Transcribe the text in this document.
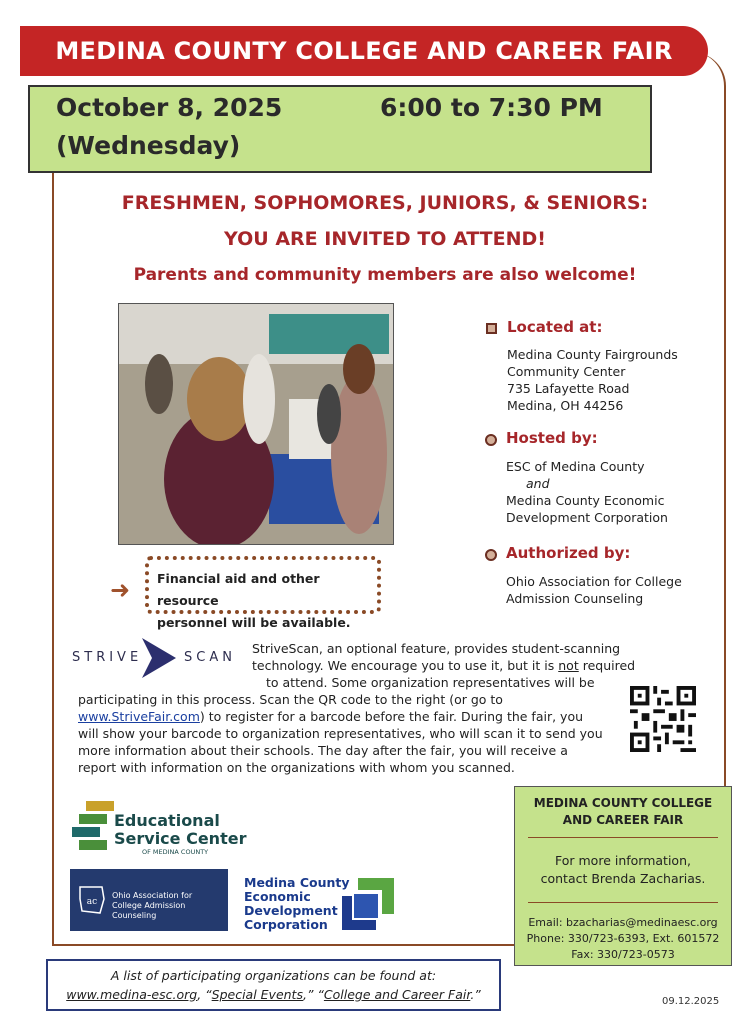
MEDINA COUNTY COLLEGE AND CAREER FAIR
October 8, 2025
(Wednesday)
6:00 to 7:30 PM
FRESHMEN, SOPHOMORES, JUNIORS, & SENIORS:
YOU ARE INVITED TO ATTEND!
Parents and community members are also welcome!
➜ Financial aid and other resource
personnel will be available.
Located at:
Medina County Fairgrounds
Community Center
735 Lafayette Road
Medina, OH 44256
Hosted by:
ESC of Medina County
and
Medina County Economic
Development Corporation
Authorized by:
Ohio Association for College
Admission Counseling
STRIVE	SCAN
StriveScan, an optional feature, provides student-scanning
technology. We encourage you to use it, but it is not required
to attend. Some organization representatives will be
participating in this process. Scan the QR code to the right (or go to
www.StriveFair.com) to register for a barcode before the fair. During the fair, you
will show your barcode to organization representatives, who will scan it to send you
more information about their schools. The day after the fair, you will receive a
report with information on the organizations with whom you scanned.
Educational
Service Center
OF MEDINA COUNTY
ac
Ohio Association for
College Admission Counseling
Medina County
Economic
Development
Corporation
MEDINA COUNTY COLLEGE
AND CAREER FAIR
For more information,
contact Brenda Zacharias.
Email: bzacharias@medinaesc.org
Phone: 330/723-6393, Ext. 601572
Fax: 330/723-0573
A list of participating organizations can be found at:
www.medina-esc.org, “Special Events,” “College and Career Fair.”	09.12.2025
